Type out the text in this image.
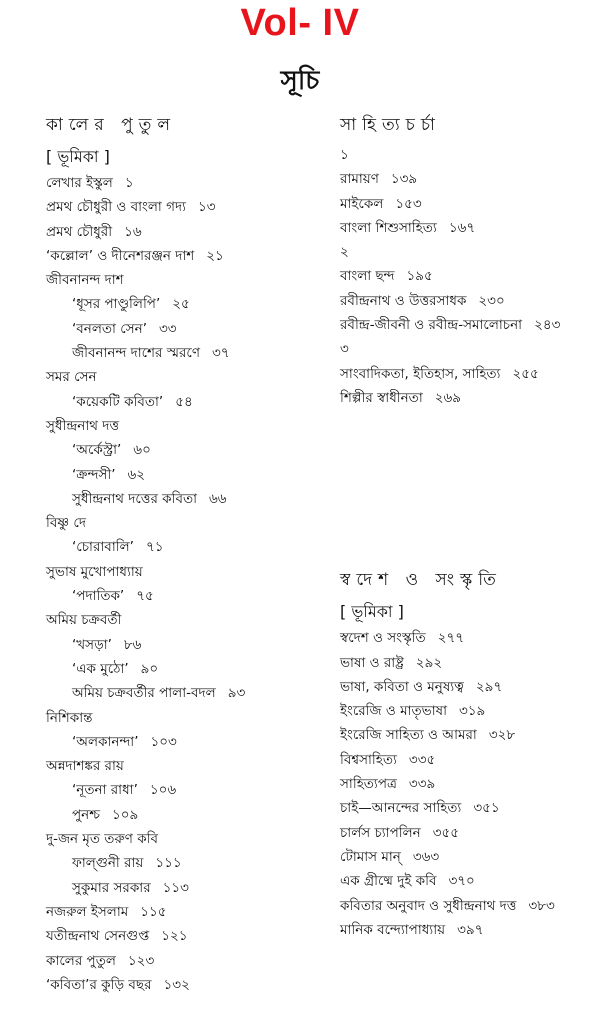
Vol- IV
সূচি
কালের পুতুল
[ ভূমিকা ]
লেখার ইস্কুল ১
প্রমথ চৌধুরী ও বাংলা গদ্য ১৩
প্রমথ চৌধুরী ১৬
‘কল্লোল’ ও দীনেশরঞ্জন দাশ ২১
জীবনানন্দ দাশ
‘ধূসর পাণ্ডুলিপি’ ২৫
‘বনলতা সেন’ ৩৩
জীবনানন্দ দাশের স্মরণে ৩৭
সমর সেন
‘কয়েকটি কবিতা’ ৫৪
সুধীন্দ্রনাথ দত্ত
‘অর্কেস্ট্রা’ ৬০
‘ক্রন্দসী’ ৬২
সুধীন্দ্রনাথ দত্তের কবিতা ৬৬
বিষ্ণু দে
‘চোরাবালি’ ৭১
সুভাষ মুখোপাধ্যায়
‘পদাতিক’ ৭৫
অমিয় চক্রবর্তী
‘খসড়া’ ৮৬
‘এক মুঠো’ ৯০
অমিয় চক্রবর্তীর পালা-বদল ৯৩
নিশিকান্ত
‘অলকানন্দা’ ১০৩
অন্নদাশঙ্কর রায়
‘নূতনা রাধা’ ১০৬
পুনশ্চ ১০৯
দু-জন মৃত তরুণ কবি
ফাল্গুনী রায় ১১১
সুকুমার সরকার ১১৩
নজরুল ইসলাম ১১৫
যতীন্দ্রনাথ সেনগুপ্ত ১২১
কালের পুতুল ১২৩
‘কবিতা’র কুড়ি বছর ১৩২
সাহিত্যচর্চা
১
রামায়ণ ১৩৯
মাইকেল ১৫৩
বাংলা শিশুসাহিত্য ১৬৭
২
বাংলা ছন্দ ১৯৫
রবীন্দ্রনাথ ও উত্তরসাধক ২৩০
রবীন্দ্র-জীবনী ও রবীন্দ্র-সমালোচনা ২৪৩
৩
সাংবাদিকতা, ইতিহাস, সাহিত্য ২৫৫
শিল্পীর স্বাধীনতা ২৬৯
স্বদেশ ও সংস্কৃতি
[ ভূমিকা ]
স্বদেশ ও সংস্কৃতি ২৭৭
ভাষা ও রাষ্ট্র ২৯২
ভাষা, কবিতা ও মনুষ্যত্ব ২৯৭
ইংরেজি ও মাতৃভাষা ৩১৯
ইংরেজি সাহিত্য ও আমরা ৩২৮
বিশ্বসাহিত্য ৩৩৫
সাহিত্যপত্র ৩৩৯
চাই—আনন্দের সাহিত্য ৩৫১
চার্লস চ্যাপলিন ৩৫৫
টোমাস মান্ ৩৬৩
এক গ্রীষ্মে দুই কবি ৩৭০
কবিতার অনুবাদ ও সুধীন্দ্রনাথ দত্ত ৩৮৩
মানিক বন্দ্যোপাধ্যায় ৩৯৭
